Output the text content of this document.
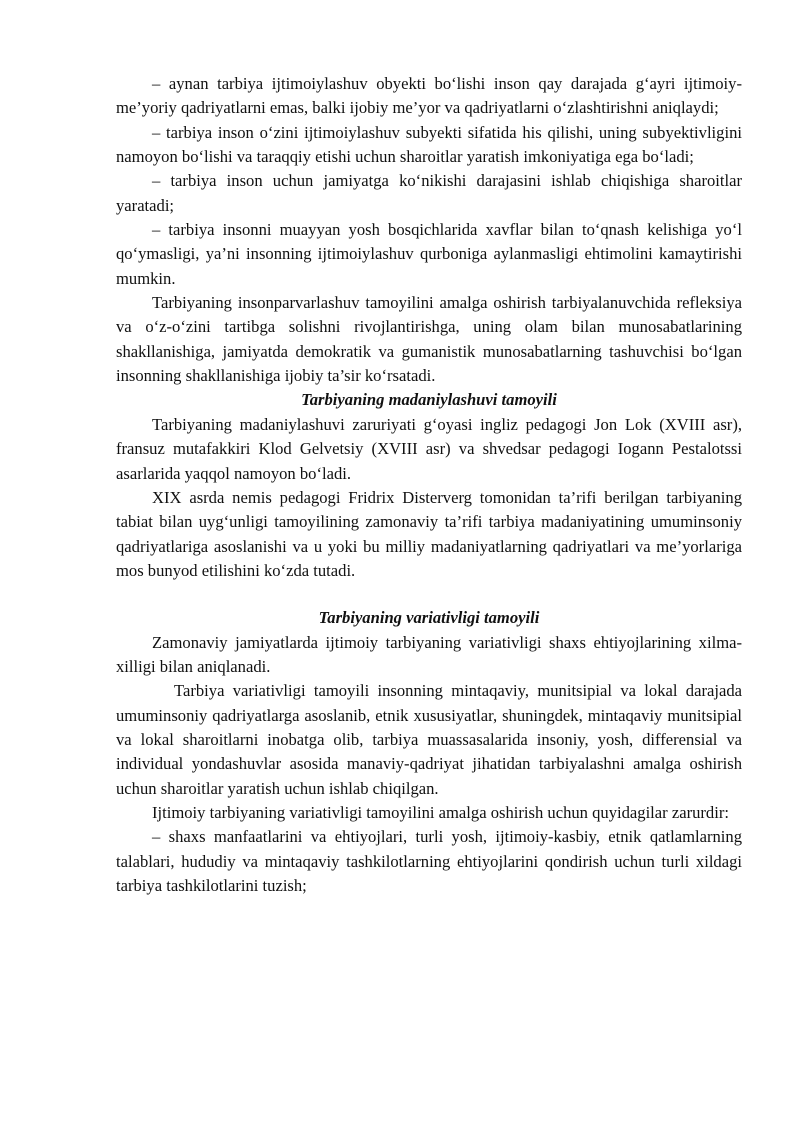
– aynan tarbiya ijtimoiylashuv obyekti bo‘lishi inson qay darajada g‘ayri ijtimoiy-me’yoriy qadriyatlarni emas, balki ijobiy me’yor va qadriyatlarni o‘zlashtirishni aniqlaydi;

– tarbiya inson o‘zini ijtimoiylashuv subyekti sifatida his qilishi, uning subyektivligini namoyon bo‘lishi va taraqqiy etishi uchun sharoitlar yaratish imkoniyatiga ega bo‘ladi;

– tarbiya inson uchun jamiyatga ko‘nikishi darajasini ishlab chiqishiga sharoitlar yaratadi;

– tarbiya insonni muayyan yosh bosqichlarida xavflar bilan to‘qnash kelishiga yo‘l qo‘ymasligi, ya’ni insonning ijtimoiylashuv qurboniga aylanmasligi ehtimolini kamaytirishi mumkin.

Tarbiyaning insonparvarlashuv tamoyilini amalga oshirish tarbiyalanuvchida refleksiya va o‘z-o‘zini tartibga solishni rivojlantirishga, uning olam bilan munosabatlarining shakllanishiga, jamiyatda demokratik va gumanistik munosabatlarning tashuvchisi bo‘lgan insonning shakllanishiga ijobiy ta’sir ko‘rsatadi.

Tarbiyaning madaniylashuvi tamoyili

Tarbiyaning madaniylashuvi zaruriyati g‘oyasi ingliz pedagogi Jon Lok (XVIII asr), fransuz mutafakkiri Klod Gelvetsiy (XVIII asr) va shvedsar pedagogi Iogann Pestalotssi asarlarida yaqqol namoyon bo‘ladi.

XIX asrda nemis pedagogi Fridrix Disterverg tomonidan ta’rifi berilgan tarbiyaning tabiat bilan uyg‘unligi tamoyilining zamonaviy ta’rifi tarbiya madaniyatining umuminsoniy qadriyatlariga asoslanishi va u yoki bu milliy madaniyatlarning qadriyatlari va me’yorlariga mos bunyod etilishini ko‘zda tutadi.

Tarbiyaning variativligi tamoyili

Zamonaviy jamiyatlarda ijtimoiy tarbiyaning variativligi shaxs ehtiyojlarining xilma-xilligi bilan aniqlanadi.

Tarbiya variativligi tamoyili insonning mintaqaviy, munitsipial va lokal darajada umuminsoniy qadriyatlarga asoslanib, etnik xususiyatlar, shuningdek, mintaqaviy munitsipial va lokal sharoitlarni inobatga olib, tarbiya muassasalarida insoniy, yosh, differensial va individual yondashuvlar asosida manaviy-qadriyat jihatidan tarbiyalashni amalga oshirish uchun sharoitlar yaratish uchun ishlab chiqilgan.

Ijtimoiy tarbiyaning variativligi tamoyilini amalga oshirish uchun quyidagilar zarurdir:

– shaxs manfaatlarini va ehtiyojlari, turli yosh, ijtimoiy-kasbiy, etnik qatlamlarning talablari, hududiy va mintaqaviy tashkilotlarning ehtiyojlarini qondirish uchun turli xildagi tarbiya tashkilotlarini tuzish;
